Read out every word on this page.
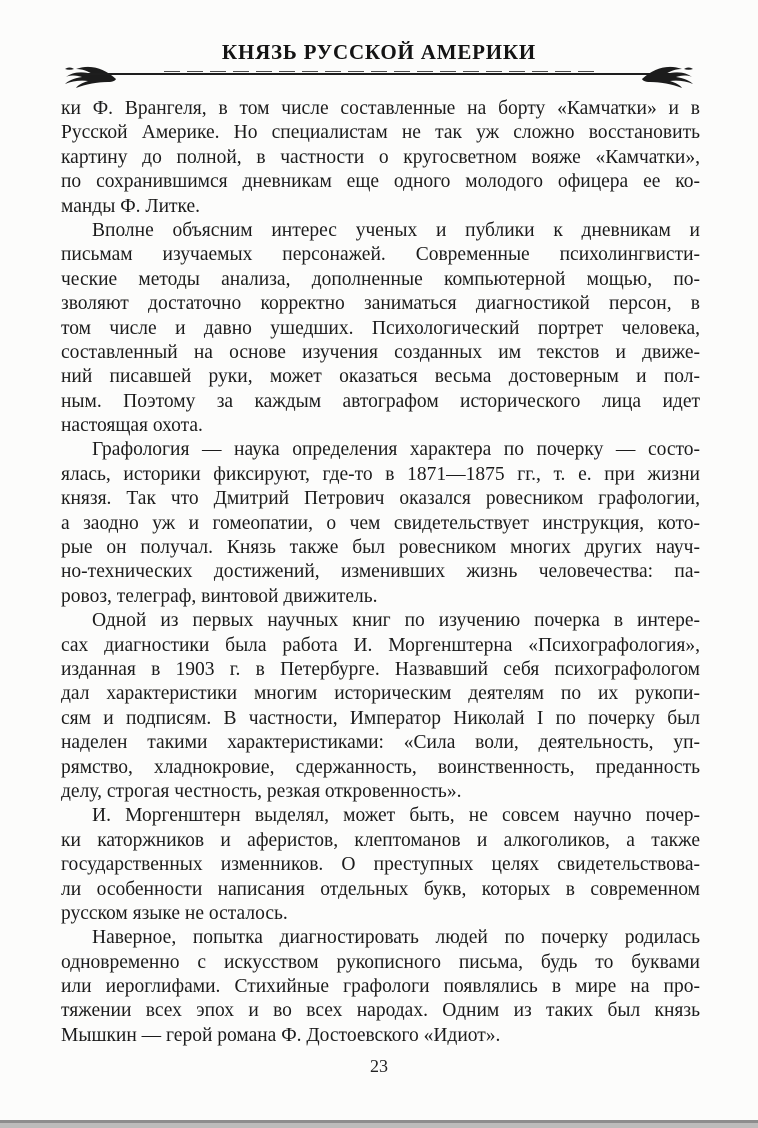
КНЯЗЬ РУССКОЙ АМЕРИКИ
ки Ф. Врангеля, в том числе составленные на борту «Камчатки» и в
Русской Америке. Но специалистам не так уж сложно восстановить
картину до полной, в частности о кругосветном вояже «Камчатки»,
по сохранившимся дневникам еще одного молодого офицера ее ко-
манды Ф. Литке.
Вполне объясним интерес ученых и публики к дневникам и
письмам изучаемых персонажей. Современные психолингвисти-
ческие методы анализа, дополненные компьютерной мощью, по-
зволяют достаточно корректно заниматься диагностикой персон, в
том числе и давно ушедших. Психологический портрет человека,
составленный на основе изучения созданных им текстов и движе-
ний писавшей руки, может оказаться весьма достоверным и пол-
ным. Поэтому за каждым автографом исторического лица идет
настоящая охота.
Графология — наука определения характера по почерку — состо-
ялась, историки фиксируют, где-то в 1871—1875 гг., т. е. при жизни
князя. Так что Дмитрий Петрович оказался ровесником графологии,
а заодно уж и гомеопатии, о чем свидетельствует инструкция, кото-
рые он получал. Князь также был ровесником многих других науч-
но-технических достижений, изменивших жизнь человечества: па-
ровоз, телеграф, винтовой движитель.
Одной из первых научных книг по изучению почерка в интере-
сах диагностики была работа И. Моргенштерна «Психографология»,
изданная в 1903 г. в Петербурге. Назвавший себя психографологом
дал характеристики многим историческим деятелям по их рукопи-
сям и подписям. В частности, Император Николай I по почерку был
наделен такими характеристиками: «Сила воли, деятельность, уп-
рямство, хладнокровие, сдержанность, воинственность, преданность
делу, строгая честность, резкая откровенность».
И. Моргенштерн выделял, может быть, не совсем научно почер-
ки каторжников и аферистов, клептоманов и алкоголиков, а также
государственных изменников. О преступных целях свидетельствова-
ли особенности написания отдельных букв, которых в современном
русском языке не осталось.
Наверное, попытка диагностировать людей по почерку родилась
одновременно с искусством рукописного письма, будь то буквами
или иероглифами. Стихийные графологи появлялись в мире на про-
тяжении всех эпох и во всех народах. Одним из таких был князь
Мышкин — герой романа Ф. Достоевского «Идиот».
23
